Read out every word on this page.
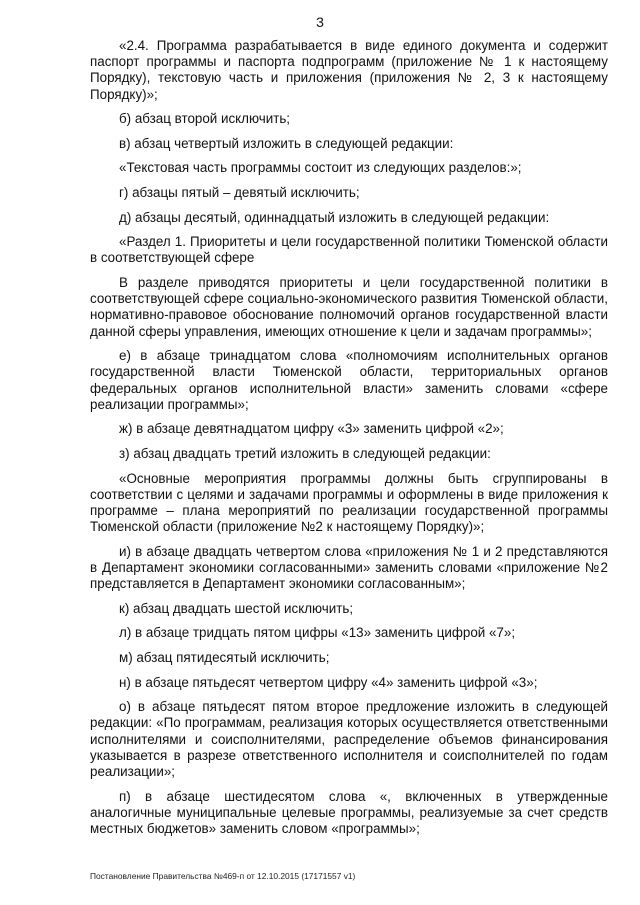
3

«2.4. Программа разрабатывается в виде единого документа и содержит паспорт программы и паспорта подпрограмм (приложение № 1 к настоящему Порядку), текстовую часть и приложения (приложения № 2, 3 к настоящему Порядку)»;

б) абзац второй исключить;

в) абзац четвертый изложить в следующей редакции:

«Текстовая часть программы состоит из следующих разделов:»;

г) абзацы пятый – девятый исключить;

д) абзацы десятый, одиннадцатый изложить в следующей редакции:

«Раздел 1. Приоритеты и цели государственной политики Тюменской области в соответствующей сфере

В разделе приводятся приоритеты и цели государственной политики в соответствующей сфере социально-экономического развития Тюменской области, нормативно-правовое обоснование полномочий органов государственной власти данной сферы управления, имеющих отношение к цели и задачам программы»;

е) в абзаце тринадцатом слова «полномочиям исполнительных органов государственной власти Тюменской области, территориальных органов федеральных органов исполнительной власти» заменить словами «сфере реализации программы»;

ж) в абзаце девятнадцатом цифру «3» заменить цифрой «2»;

з) абзац двадцать третий изложить в следующей редакции:

«Основные мероприятия программы должны быть сгруппированы в соответствии с целями и задачами программы и оформлены в виде приложения к программе – плана мероприятий по реализации государственной программы Тюменской области (приложение №2 к настоящему Порядку)»;

и) в абзаце двадцать четвертом слова «приложения № 1 и 2 представляются в Департамент экономики согласованными» заменить словами «приложение №2 представляется в Департамент экономики согласованным»;

к) абзац двадцать шестой исключить;

л) в абзаце тридцать пятом цифры «13» заменить цифрой «7»;

м) абзац пятидесятый исключить;

н) в абзаце пятьдесят четвертом цифру «4» заменить цифрой «3»;

о) в абзаце пятьдесят пятом второе предложение изложить в следующей редакции: «По программам, реализация которых осуществляется ответственными исполнителями и соисполнителями, распределение объемов финансирования указывается в разрезе ответственного исполнителя и соисполнителей по годам реализации»;

п) в абзаце шестидесятом слова «, включенных в утвержденные аналогичные муниципальные целевые программы, реализуемые за счет средств местных бюджетов» заменить словом «программы»;

Постановление Правительства №469-п от 12.10.2015 (17171557 v1)
